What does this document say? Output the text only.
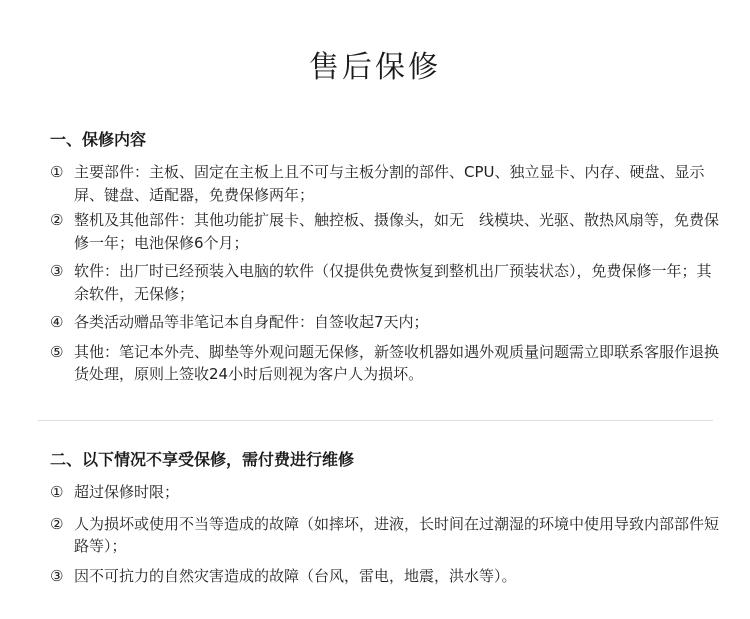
售后保修
一、保修内容
① 主要部件：主板、固定在主板上且不可与主板分割的部件、CPU、独立显卡、内存、硬盘、显示屏、键盘、适配器，免费保修两年；
② 整机及其他部件：其他功能扩展卡、触控板、摄像头，如无　线模块、光驱、散热风扇等，免费保修一年；电池保修6个月；
③ 软件：出厂时已经预装入电脑的软件（仅提供免费恢复到整机出厂预装状态），免费保修一年；其余软件，无保修；
④ 各类活动赠品等非笔记本自身配件：自签收起7天内；
⑤ 其他：笔记本外壳、脚垫等外观问题无保修，新签收机器如遇外观质量问题需立即联系客服作退换货处理，原则上签收24小时后则视为客户人为损坏。
二、以下情况不享受保修，需付费进行维修
① 超过保修时限；
② 人为损坏或使用不当等造成的故障（如摔坏，进液，长时间在过潮湿的环境中使用导致内部部件短路等）；
③ 因不可抗力的自然灾害造成的故障（台风，雷电，地震，洪水等）。
